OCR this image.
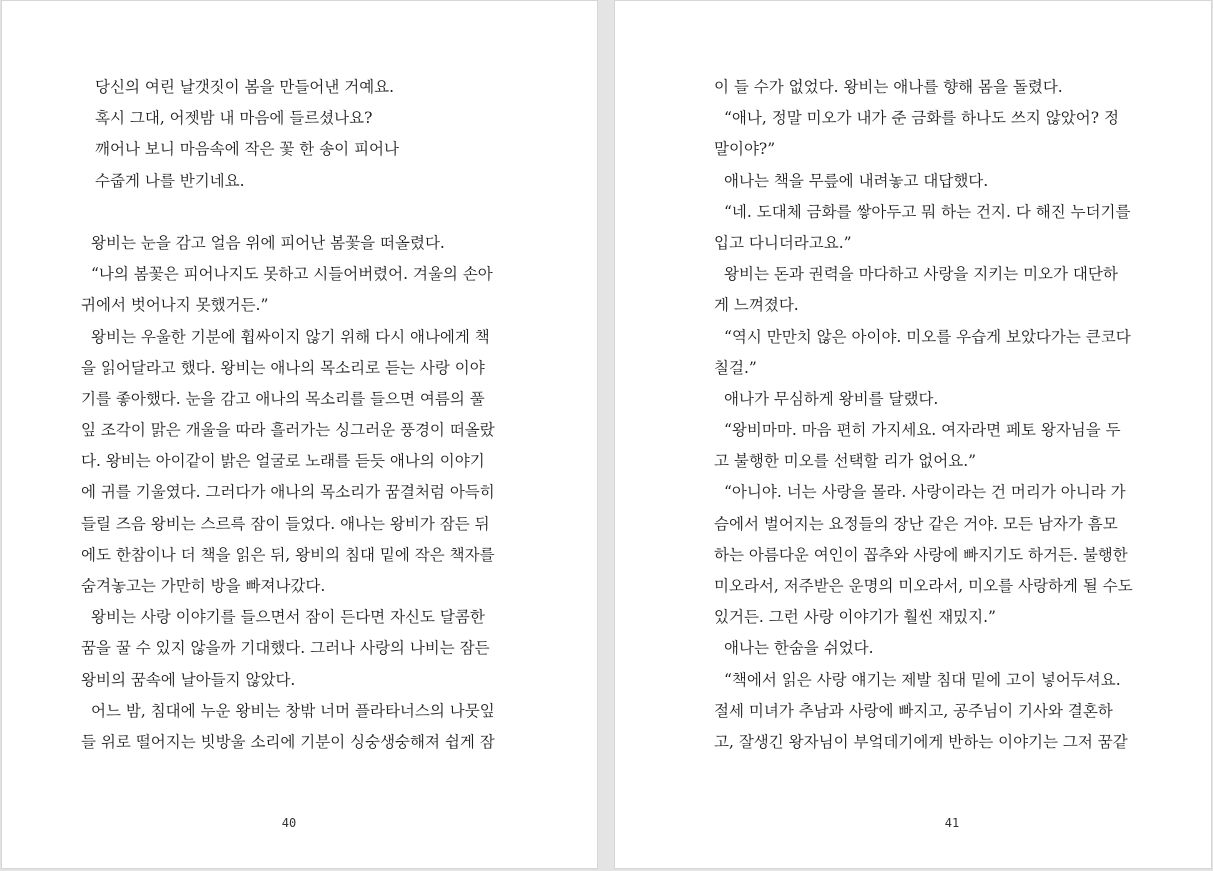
당신의 여린 날갯짓이 봄을 만들어낸 거예요.
혹시 그대, 어젯밤 내 마음에 들르셨나요?
깨어나 보니 마음속에 작은 꽃 한 송이 피어나
수줍게 나를 반기네요.
왕비는 눈을 감고 얼음 위에 피어난 봄꽃을 떠올렸다.
“나의 봄꽃은 피어나지도 못하고 시들어버렸어. 겨울의 손아
귀에서 벗어나지 못했거든.”
왕비는 우울한 기분에 휩싸이지 않기 위해 다시 애나에게 책
을 읽어달라고 했다. 왕비는 애나의 목소리로 듣는 사랑 이야
기를 좋아했다. 눈을 감고 애나의 목소리를 들으면 여름의 풀
잎 조각이 맑은 개울을 따라 흘러가는 싱그러운 풍경이 떠올랐
다. 왕비는 아이같이 밝은 얼굴로 노래를 듣듯 애나의 이야기
에 귀를 기울였다. 그러다가 애나의 목소리가 꿈결처럼 아득히
들릴 즈음 왕비는 스르륵 잠이 들었다. 애나는 왕비가 잠든 뒤
에도 한참이나 더 책을 읽은 뒤, 왕비의 침대 밑에 작은 책자를
숨겨놓고는 가만히 방을 빠져나갔다.
왕비는 사랑 이야기를 들으면서 잠이 든다면 자신도 달콤한
꿈을 꿀 수 있지 않을까 기대했다. 그러나 사랑의 나비는 잠든
왕비의 꿈속에 날아들지 않았다.
어느 밤, 침대에 누운 왕비는 창밖 너머 플라타너스의 나뭇잎
들 위로 떨어지는 빗방울 소리에 기분이 싱숭생숭해져 쉽게 잠
40
이 들 수가 없었다. 왕비는 애나를 향해 몸을 돌렸다.
“애나, 정말 미오가 내가 준 금화를 하나도 쓰지 않았어? 정
말이야?”
애나는 책을 무릎에 내려놓고 대답했다.
“네. 도대체 금화를 쌓아두고 뭐 하는 건지. 다 해진 누더기를
입고 다니더라고요.”
왕비는 돈과 권력을 마다하고 사랑을 지키는 미오가 대단하
게 느껴졌다.
“역시 만만치 않은 아이야. 미오를 우습게 보았다가는 큰코다
칠걸.”
애나가 무심하게 왕비를 달랬다.
“왕비마마. 마음 편히 가지세요. 여자라면 페토 왕자님을 두
고 불행한 미오를 선택할 리가 없어요.”
“아니야. 너는 사랑을 몰라. 사랑이라는 건 머리가 아니라 가
슴에서 벌어지는 요정들의 장난 같은 거야. 모든 남자가 흠모
하는 아름다운 여인이 꼽추와 사랑에 빠지기도 하거든. 불행한
미오라서, 저주받은 운명의 미오라서, 미오를 사랑하게 될 수도
있거든. 그런 사랑 이야기가 훨씬 재밌지.”
애나는 한숨을 쉬었다.
“책에서 읽은 사랑 얘기는 제발 침대 밑에 고이 넣어두셔요.
절세 미녀가 추남과 사랑에 빠지고, 공주님이 기사와 결혼하
고, 잘생긴 왕자님이 부엌데기에게 반하는 이야기는 그저 꿈같
41
